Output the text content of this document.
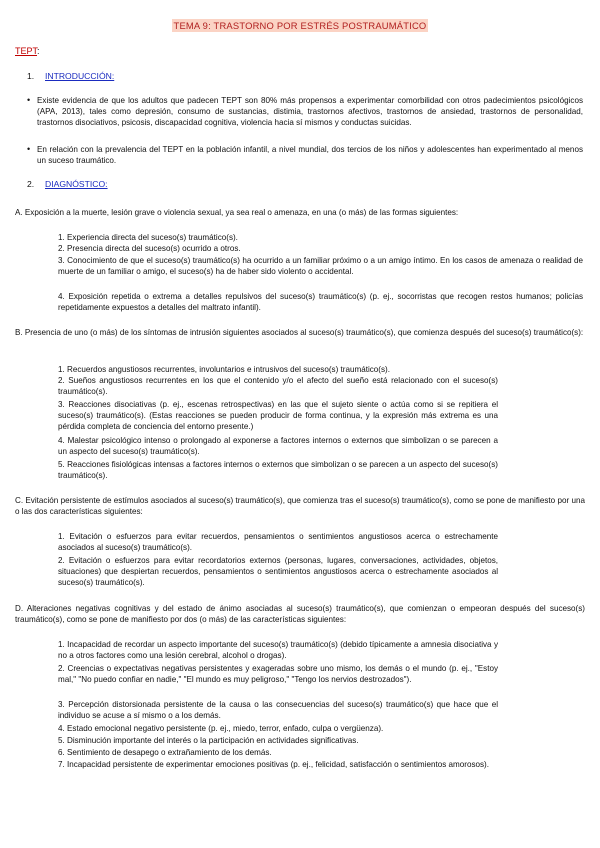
TEMA 9: TRASTORNO POR ESTRÉS POSTRAUMÁTICO
TEPT:
1. INTRODUCCIÓN:
• Existe evidencia de que los adultos que padecen TEPT son 80% más propensos a experimentar comorbilidad con otros padecimientos psicológicos (APA, 2013), tales como depresión, consumo de sustancias, distimia, trastornos afectivos, trastornos de ansiedad, trastornos de personalidad, trastornos disociativos, psicosis, discapacidad cognitiva, violencia hacia sí mismos y conductas suicidas.
• En relación con la prevalencia del TEPT en la población infantil, a nivel mundial, dos tercios de los niños y adolescentes han experimentado al menos un suceso traumático.
2. DIAGNÓSTICO:
A. Exposición a la muerte, lesión grave o violencia sexual, ya sea real o amenaza, en una (o más) de las formas siguientes:
1. Experiencia directa del suceso(s) traumático(s).
2. Presencia directa del suceso(s) ocurrido a otros.
3. Conocimiento de que el suceso(s) traumático(s) ha ocurrido a un familiar próximo o a un amigo íntimo. En los casos de amenaza o realidad de muerte de un familiar o amigo, el suceso(s) ha de haber sido violento o accidental.
4. Exposición repetida o extrema a detalles repulsivos del suceso(s) traumático(s) (p. ej., socorristas que recogen restos humanos; policías repetidamente expuestos a detalles del maltrato infantil).
B. Presencia de uno (o más) de los síntomas de intrusión siguientes asociados al suceso(s) traumático(s), que comienza después del suceso(s) traumático(s):
1. Recuerdos angustiosos recurrentes, involuntarios e intrusivos del suceso(s) traumático(s).
2. Sueños angustiosos recurrentes en los que el contenido y/o el afecto del sueño está relacionado con el suceso(s) traumático(s).
3. Reacciones disociativas (p. ej., escenas retrospectivas) en las que el sujeto siente o actúa como si se repitiera el suceso(s) traumático(s). (Estas reacciones se pueden producir de forma continua, y la expresión más extrema es una pérdida completa de conciencia del entorno presente.)
4. Malestar psicológico intenso o prolongado al exponerse a factores internos o externos que simbolizan o se parecen a un aspecto del suceso(s) traumático(s).
5. Reacciones fisiológicas intensas a factores internos o externos que simbolizan o se parecen a un aspecto del suceso(s) traumático(s).
C. Evitación persistente de estímulos asociados al suceso(s) traumático(s), que comienza tras el suceso(s) traumático(s), como se pone de manifiesto por una o las dos características siguientes:
1. Evitación o esfuerzos para evitar recuerdos, pensamientos o sentimientos angustiosos acerca o estrechamente asociados al suceso(s) traumático(s).
2. Evitación o esfuerzos para evitar recordatorios externos (personas, lugares, conversaciones, actividades, objetos, situaciones) que despiertan recuerdos, pensamientos o sentimientos angustiosos acerca o estrechamente asociados al suceso(s) traumático(s).
D. Alteraciones negativas cognitivas y del estado de ánimo asociadas al suceso(s) traumático(s), que comienzan o empeoran después del suceso(s) traumático(s), como se pone de manifiesto por dos (o más) de las características siguientes:
1. Incapacidad de recordar un aspecto importante del suceso(s) traumático(s) (debido típicamente a amnesia disociativa y no a otros factores como una lesión cerebral, alcohol o drogas).
2. Creencias o expectativas negativas persistentes y exageradas sobre uno mismo, los demás o el mundo (p. ej., "Estoy mal," "No puedo confiar en nadie," "El mundo es muy peligroso," "Tengo los nervios destrozados").
3. Percepción distorsionada persistente de la causa o las consecuencias del suceso(s) traumático(s) que hace que el individuo se acuse a sí mismo o a los demás.
4. Estado emocional negativo persistente (p. ej., miedo, terror, enfado, culpa o vergüenza).
5. Disminución importante del interés o la participación en actividades significativas.
6. Sentimiento de desapego o extrañamiento de los demás.
7. Incapacidad persistente de experimentar emociones positivas (p. ej., felicidad, satisfacción o sentimientos amorosos).
